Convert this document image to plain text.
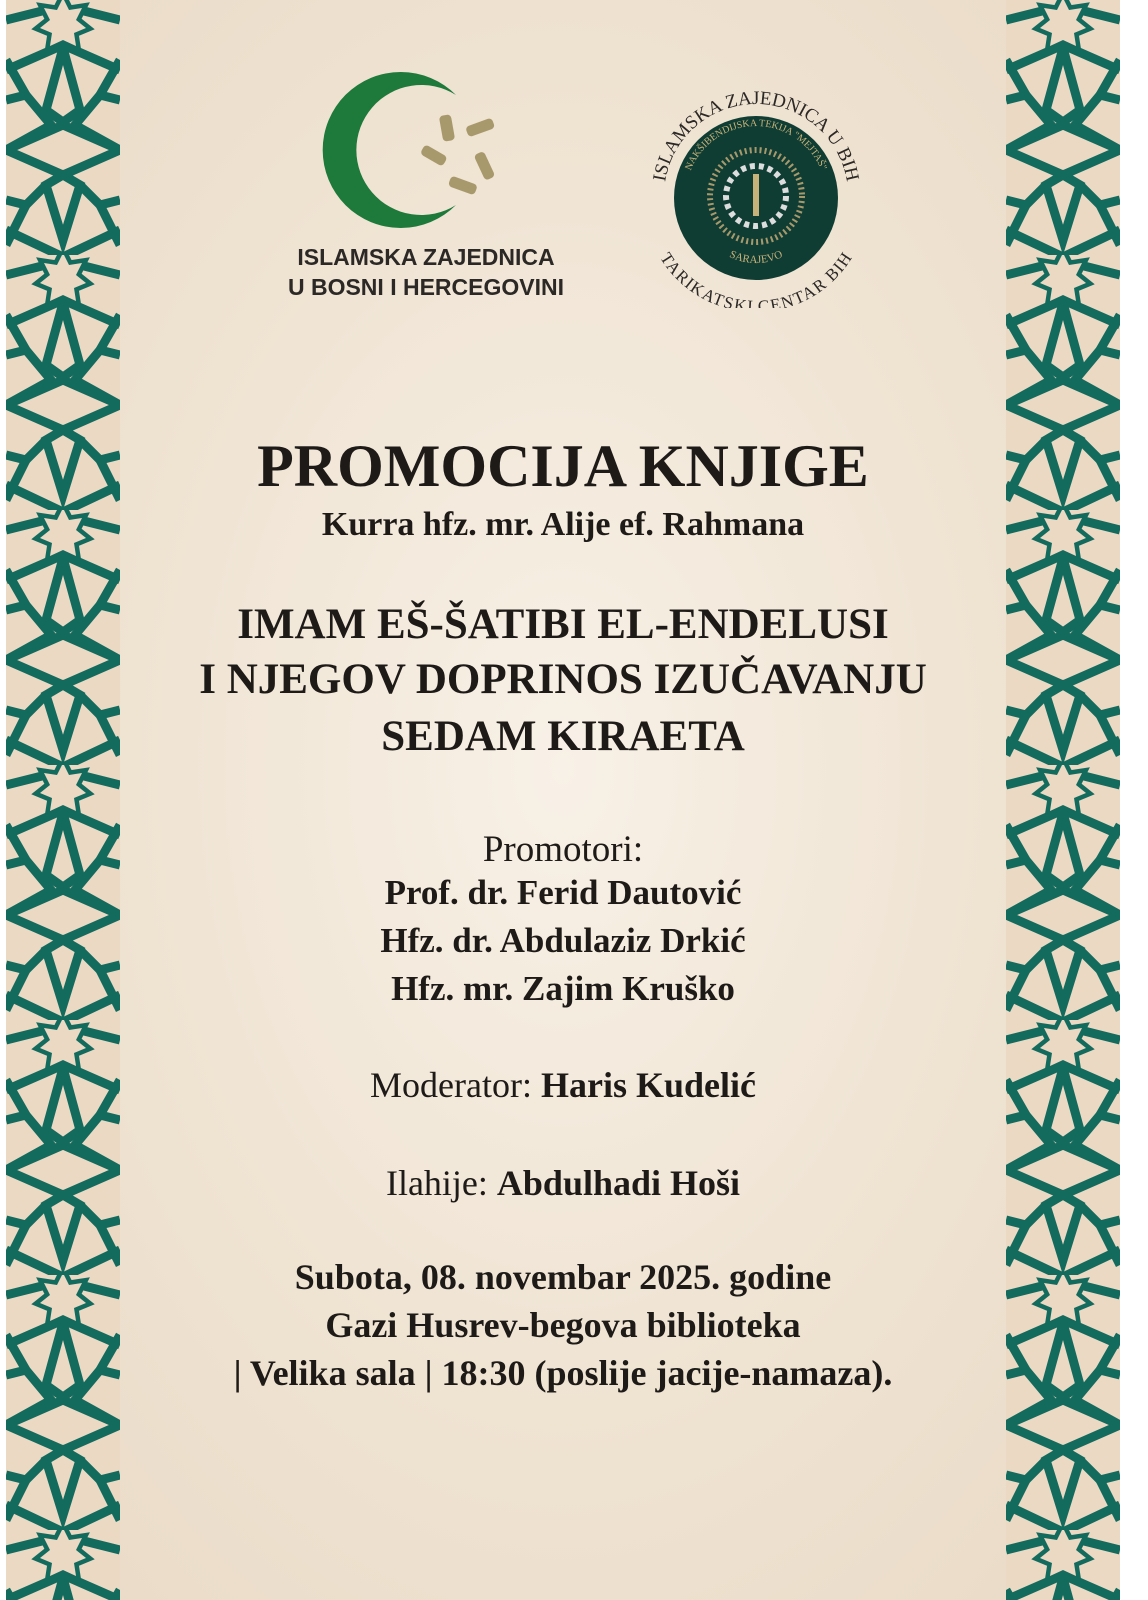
ISLAMSKA ZAJEDNICA
U BOSNI I HERCEGOVINI
ISLAMSKA ZAJEDNICA U BIH
NAKŠIBENDIJSKA TEKIJA "MEJTAŠ"
SARAJEVO
TARIKATSKI CENTAR BIH
PROMOCIJA KNJIGE
Kurra hfz. mr. Alije ef. Rahmana
IMAM EŠ-ŠATIBI EL-ENDELUSI
I NJEGOV DOPRINOS IZUČAVANJU
SEDAM KIRAETA
Promotori:
Prof. dr. Ferid Dautović
Hfz. dr. Abdulaziz Drkić
Hfz. mr. Zajim Kruško
Moderator: Haris Kudelić
Ilahije: Abdulhadi Hoši
Subota, 08. novembar 2025. godine
Gazi Husrev-begova biblioteka
| Velika sala | 18:30 (poslije jacije-namaza).
